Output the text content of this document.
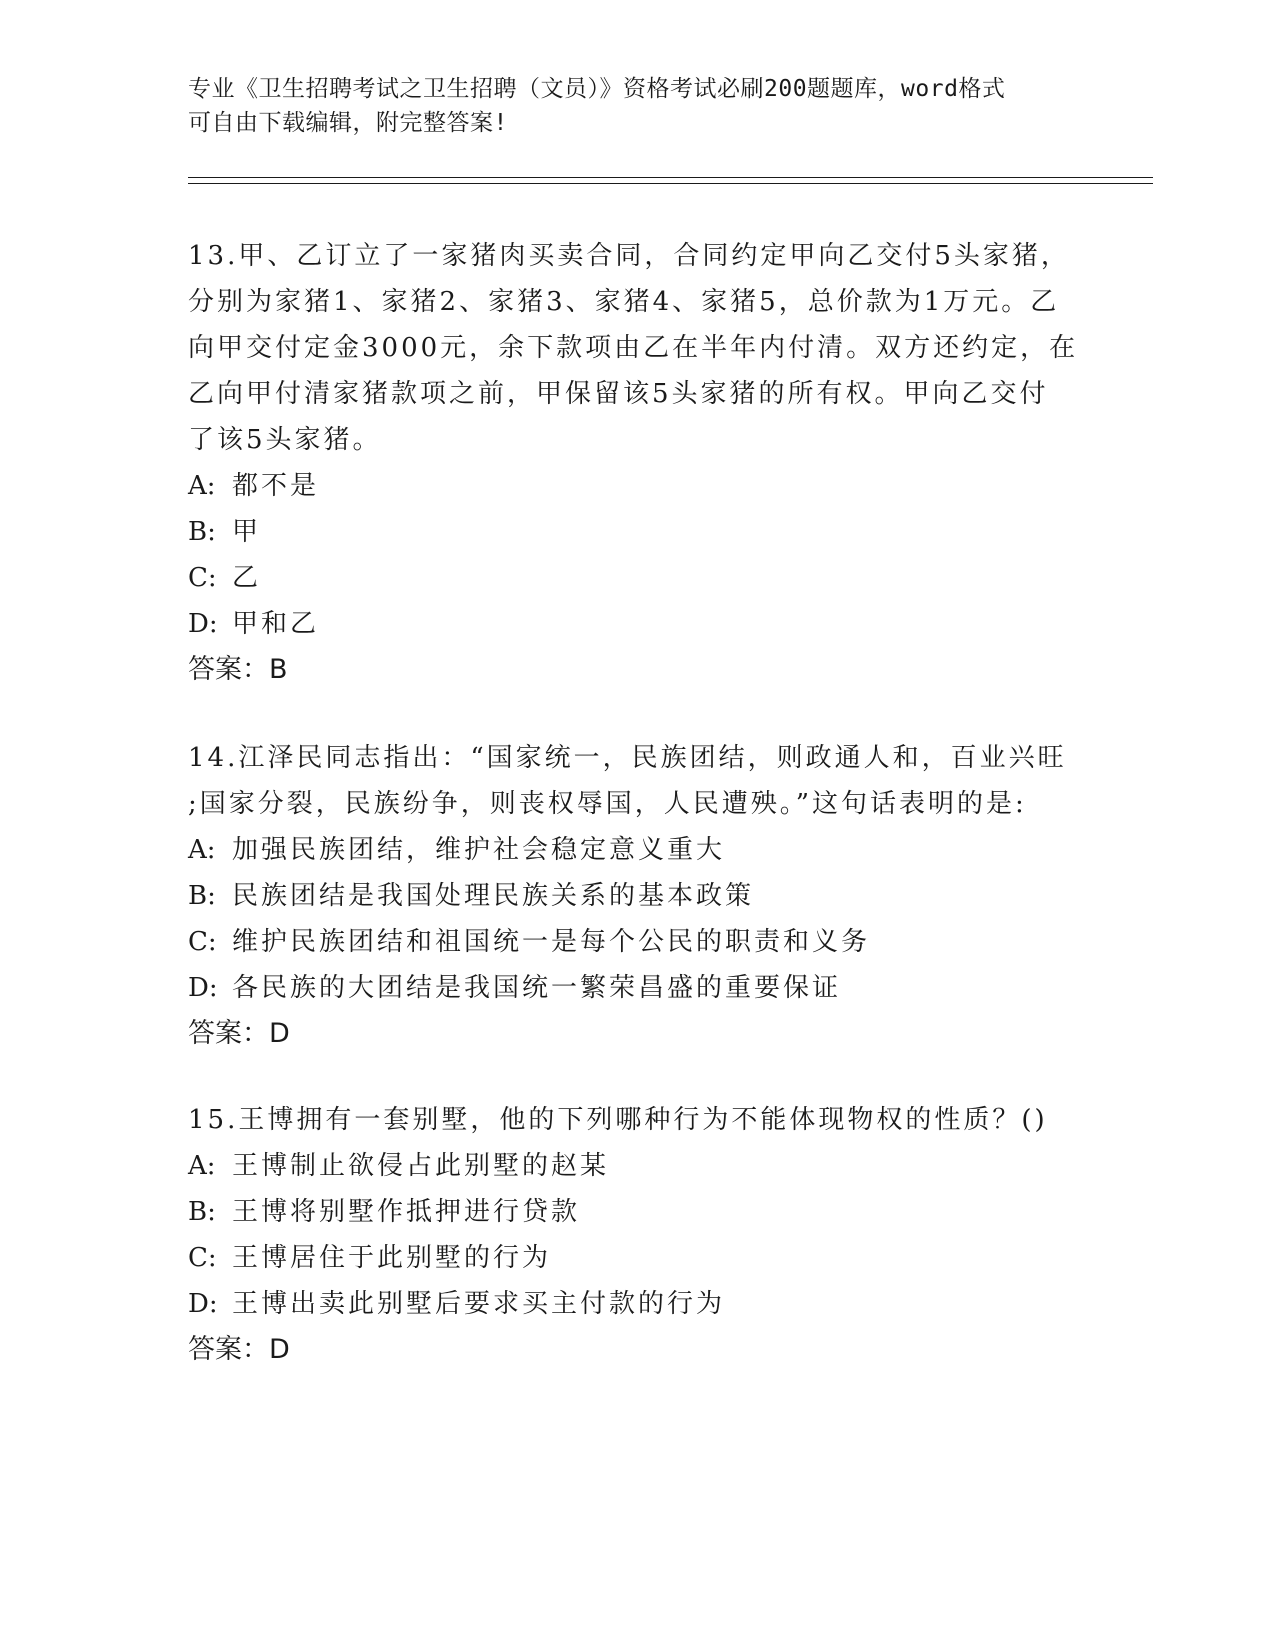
专业《卫生招聘考试之卫生招聘（文员）》资格考试必刷200题题库，word格式
可自由下载编辑，附完整答案!

13.甲、乙订立了一家猪肉买卖合同，合同约定甲向乙交付5头家猪，

分别为家猪1、家猪2、家猪3、家猪4、家猪5，总价款为1万元。乙

向甲交付定金3000元，余下款项由乙在半年内付清。双方还约定，在

乙向甲付清家猪款项之前，甲保留该5头家猪的所有权。甲向乙交付

了该5头家猪。

A: 都不是

B: 甲

C: 乙

D: 甲和乙

答案：B

14.江泽民同志指出：“国家统一，民族团结，则政通人和，百业兴旺

;国家分裂，民族纷争，则丧权辱国，人民遭殃。”这句话表明的是:

A: 加强民族团结，维护社会稳定意义重大

B: 民族团结是我国处理民族关系的基本政策

C: 维护民族团结和祖国统一是每个公民的职责和义务

D: 各民族的大团结是我国统一繁荣昌盛的重要保证

答案：D

15.王博拥有一套别墅，他的下列哪种行为不能体现物权的性质？()

A: 王博制止欲侵占此别墅的赵某

B: 王博将别墅作抵押进行贷款

C: 王博居住于此别墅的行为

D: 王博出卖此别墅后要求买主付款的行为

答案：D
